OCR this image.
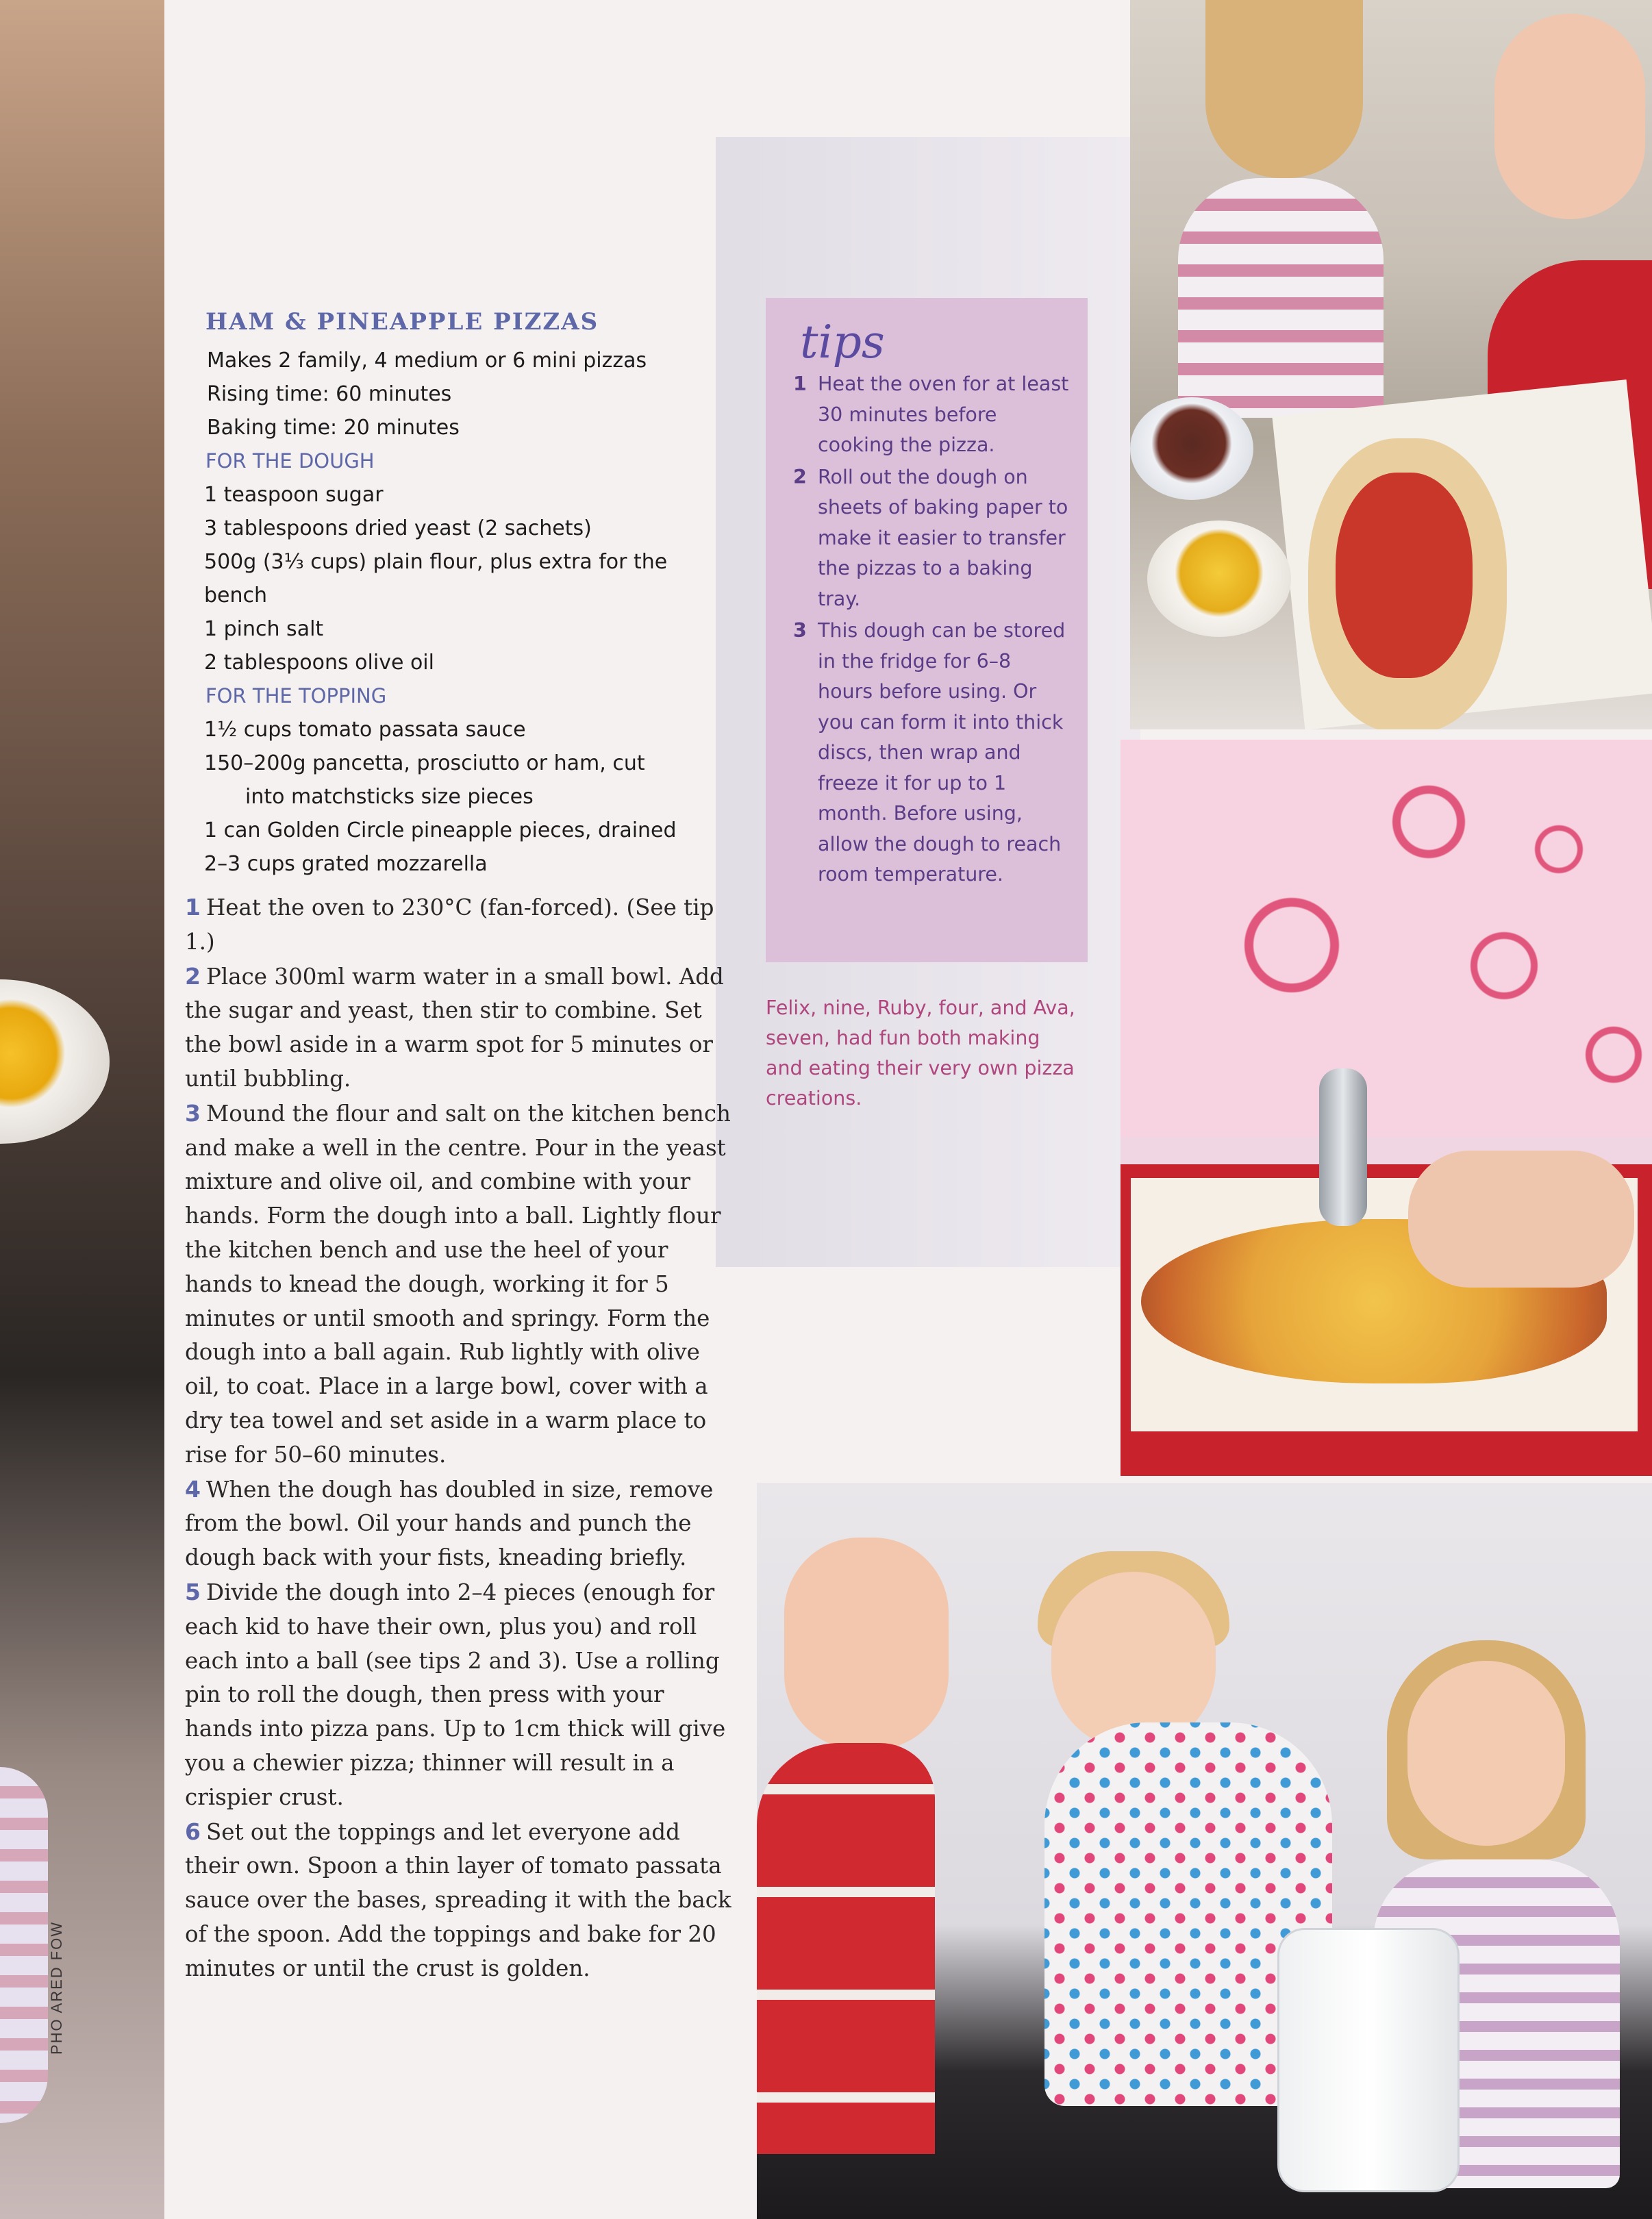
HAM & PINEAPPLE PIZZAS

Makes 2 family, 4 medium or 6 mini pizzas

Rising time: 60 minutes

Baking time: 20 minutes

FOR THE DOUGH

1 teaspoon sugar

3 tablespoons dried yeast (2 sachets)

500g (3⅓ cups) plain flour, plus extra for the bench

1 pinch salt

2 tablespoons olive oil

FOR THE TOPPING

1½ cups tomato passata sauce

150–200g pancetta, prosciutto or ham, cut

into matchsticks size pieces

1 can Golden Circle pineapple pieces, drained

2–3 cups grated mozzarella

1 Heat the oven to 230°C (fan-forced). (See tip 1.)

2 Place 300ml warm water in a small bowl. Add the sugar and yeast, then stir to combine. Set the bowl aside in a warm spot for 5 minutes or until bubbling.

3 Mound the flour and salt on the kitchen bench and make a well in the centre. Pour in the yeast mixture and olive oil, and combine with your hands. Form the dough into a ball. Lightly flour the kitchen bench and use the heel of your hands to knead the dough, working it for 5 minutes or until smooth and springy. Form the dough into a ball again. Rub lightly with olive oil, to coat. Place in a large bowl, cover with a dry tea towel and set aside in a warm place to rise for 50–60 minutes.

4 When the dough has doubled in size, remove from the bowl. Oil your hands and punch the dough back with your fists, kneading briefly.

5 Divide the dough into 2–4 pieces (enough for each kid to have their own, plus you) and roll each into a ball (see tips 2 and 3). Use a rolling pin to roll the dough, then press with your hands into pizza pans. Up to 1cm thick will give you a chewier pizza; thinner will result in a crispier crust.

6 Set out the toppings and let everyone add their own. Spoon a thin layer of tomato passata sauce over the bases, spreading it with the back of the spoon. Add the toppings and bake for 20 minutes or until the crust is golden.

tips
1 Heat the oven for at least 30 minutes before cooking the pizza.
2 Roll out the dough on sheets of baking paper to make it easier to transfer the pizzas to a baking tray.
3 This dough can be stored in the fridge for 6–8 hours before using. Or you can form it into thick discs, then wrap and freeze it for up to 1 month. Before using, allow the dough to reach room temperature.
Felix, nine, Ruby, four, and Ava, seven, had fun both making and eating their very own pizza creations.
PHO ARED FOW
